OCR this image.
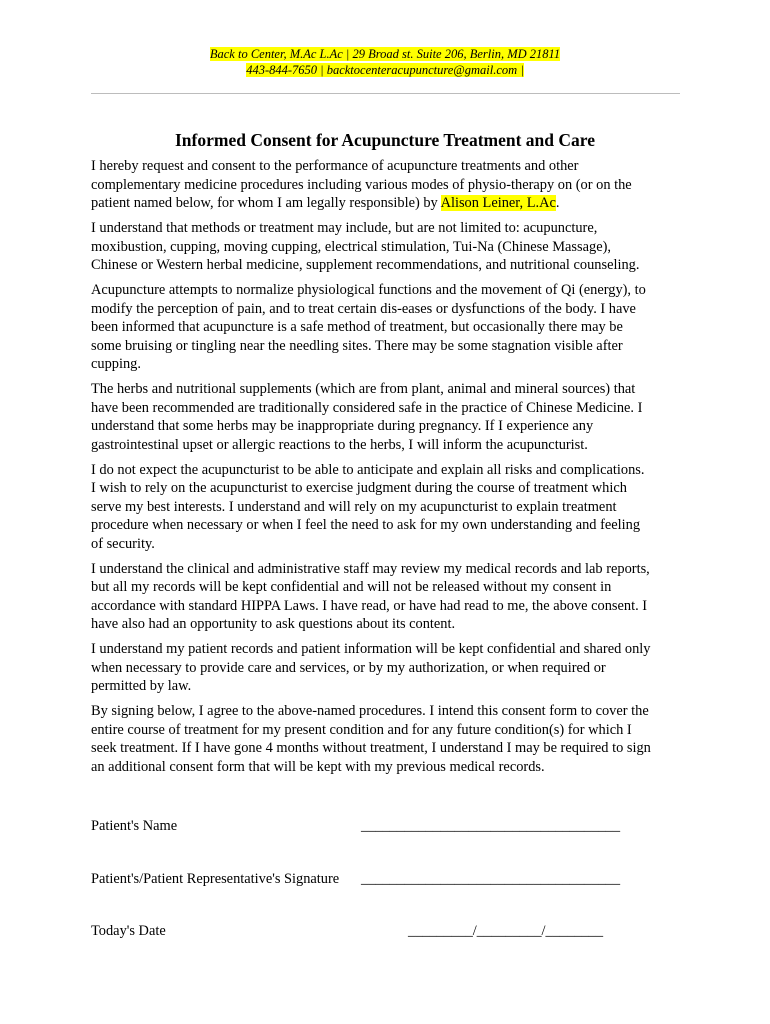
Back to Center, M.Ac L.Ac | 29 Broad st. Suite 206, Berlin, MD 21811
443-844-7650 | backtocenteracupuncture@gmail.com |
Informed Consent for Acupuncture Treatment and Care

I hereby request and consent to the performance of acupuncture treatments and other
complementary medicine procedures including various modes of physio-therapy on (or on the
patient named below, for whom I am legally responsible) by Alison Leiner, L.Ac.

I understand that methods or treatment may include, but are not limited to: acupuncture,
moxibustion, cupping, moving cupping, electrical stimulation, Tui-Na (Chinese Massage),
Chinese or Western herbal medicine, supplement recommendations, and nutritional counseling.

Acupuncture attempts to normalize physiological functions and the movement of Qi (energy), to
modify the perception of pain, and to treat certain dis-eases or dysfunctions of the body. I have
been informed that acupuncture is a safe method of treatment, but occasionally there may be
some bruising or tingling near the needling sites. There may be some stagnation visible after
cupping.

The herbs and nutritional supplements (which are from plant, animal and mineral sources) that
have been recommended are traditionally considered safe in the practice of Chinese Medicine. I
understand that some herbs may be inappropriate during pregnancy. If I experience any
gastrointestinal upset or allergic reactions to the herbs, I will inform the acupuncturist.

I do not expect the acupuncturist to be able to anticipate and explain all risks and complications.
I wish to rely on the acupuncturist to exercise judgment during the course of treatment which
serve my best interests. I understand and will rely on my acupuncturist to explain treatment
procedure when necessary or when I feel the need to ask for my own understanding and feeling
of security.

I understand the clinical and administrative staff may review my medical records and lab reports,
but all my records will be kept confidential and will not be released without my consent in
accordance with standard HIPPA Laws. I have read, or have had read to me, the above consent. I
have also had an opportunity to ask questions about its content.

I understand my patient records and patient information will be kept confidential and shared only
when necessary to provide care and services, or by my authorization, or when required or
permitted by law.

By signing below, I agree to the above-named procedures. I intend this consent form to cover the
entire course of treatment for my present condition and for any future condition(s) for which I
seek treatment. If I have gone 4 months without treatment, I understand I may be required to sign
an additional consent form that will be kept with my previous medical records.

Patient's Name	____________________________________
Patient's/Patient Representative's Signature ____________________________________
Today's Date	_________/_________/________
